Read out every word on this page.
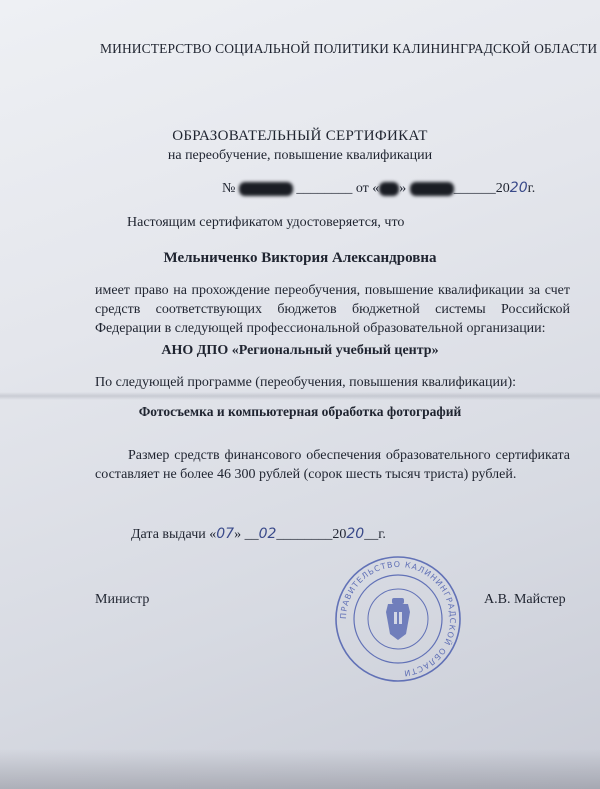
МИНИСТЕРСТВО СОЦИАЛЬНОЙ ПОЛИТИКИ КАЛИНИНГРАДСКОЙ ОБЛАСТИ
ОБРАЗОВАТЕЛЬНЫЙ СЕРТИФИКАТ
на переобучение, повышение квалификации
№	________ от « »	______2020г.
Настоящим сертификатом удостоверяется, что
Мельниченко Виктория Александровна
имеет право на прохождение переобучения, повышение квалификации за счет средств соответствующих бюджетов бюджетной системы Российской Федерации в следующей профессиональной образовательной организации:
АНО ДПО «Региональный учебный центр»
По следующей программе (переобучения, повышения квалификации):
Фотосъемка и компьютерная обработка фотографий
Размер средств финансового обеспечения образовательного сертификата составляет не более 46 300 рублей (сорок шесть тысяч триста) рублей.
Дата выдачи «07» __02________2020__г.
Министр	А.В. Майстер
ПРАВИТЕЛЬСТВО КАЛИНИНГРАДСКОЙ ОБЛАСТИ
